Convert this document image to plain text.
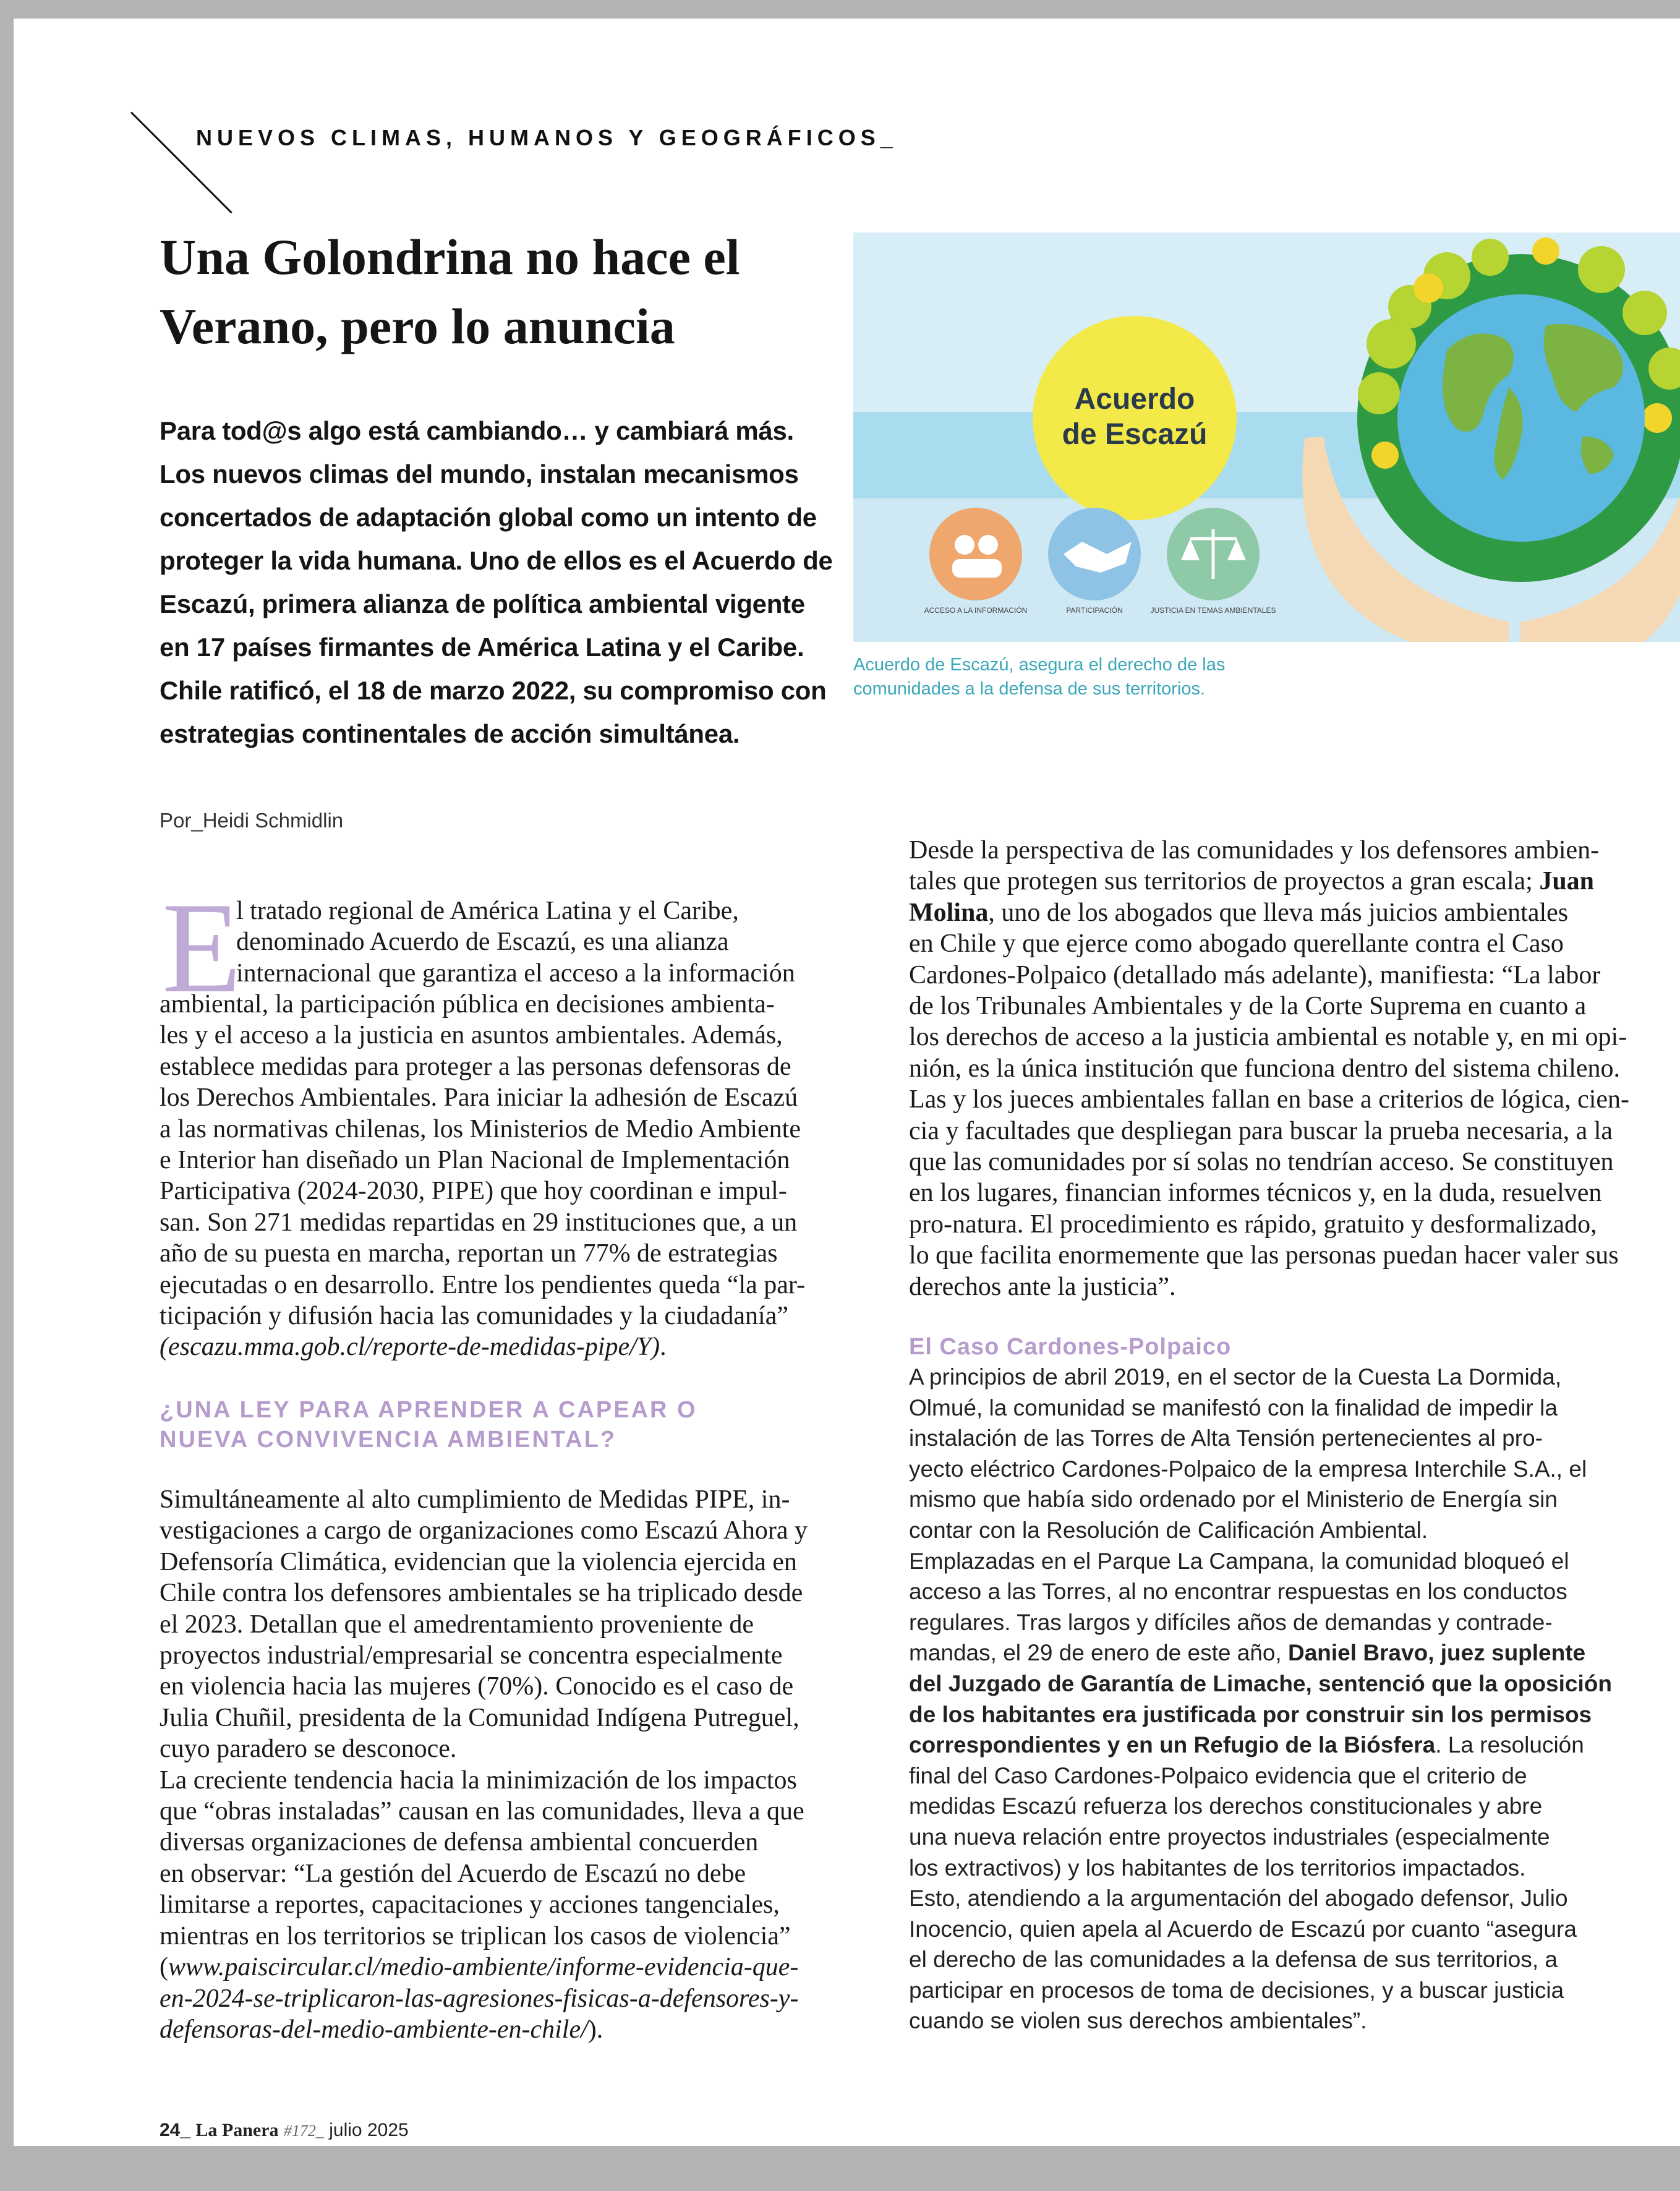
NUEVOS CLIMAS, HUMANOS Y GEOGRÁFICOS_
Una Golondrina no hace el
Verano, pero lo anuncia
Para tod@s algo está cambiando… y cambiará más.
Los nuevos climas del mundo, instalan mecanismos
concertados de adaptación global como un intento de
proteger la vida humana. Uno de ellos es el Acuerdo de
Escazú, primera alianza de política ambiental vigente
en 17 países firmantes de América Latina y el Caribe.
Chile ratificó, el 18 de marzo 2022, su compromiso con
estrategias continentales de acción simultánea.
Por_Heidi Schmidlin
Acuerdo
de Escazú
ACCESO A LA INFORMACIÓN	PARTICIPACIÓN	JUSTICIA EN TEMAS AMBIENTALES
Acuerdo de Escazú, asegura el derecho de las
comunidades a la defensa de sus territorios.
E
l tratado regional de América Latina y el Caribe,
denominado Acuerdo de Escazú, es una alianza
internacional que garantiza el acceso a la información
ambiental, la participación pública en decisiones ambienta-
les y el acceso a la justicia en asuntos ambientales. Además,
establece medidas para proteger a las personas defensoras de
los Derechos Ambientales. Para iniciar la adhesión de Escazú
a las normativas chilenas, los Ministerios de Medio Ambiente
e Interior han diseñado un Plan Nacional de Implementación
Participativa (2024-2030, PIPE) que hoy coordinan e impul-
san. Son 271 medidas repartidas en 29 instituciones que, a un
año de su puesta en marcha, reportan un 77% de estrategias
ejecutadas o en desarrollo. Entre los pendientes queda “la par-
ticipación y difusión hacia las comunidades y la ciudadanía”
(escazu.mma.gob.cl/reporte-de-medidas-pipe/Y).
¿UNA LEY PARA APRENDER A CAPEAR O
NUEVA CONVIVENCIA AMBIENTAL?
Simultáneamente al alto cumplimiento de Medidas PIPE, in-
vestigaciones a cargo de organizaciones como Escazú Ahora y
Defensoría Climática, evidencian que la violencia ejercida en
Chile contra los defensores ambientales se ha triplicado desde
el 2023. Detallan que el amedrentamiento proveniente de
proyectos industrial/empresarial se concentra especialmente
en violencia hacia las mujeres (70%). Conocido es el caso de
Julia Chuñil, presidenta de la Comunidad Indígena Putreguel,
cuyo paradero se desconoce.
La creciente tendencia hacia la minimización de los impactos
que “obras instaladas” causan en las comunidades, lleva a que
diversas organizaciones de defensa ambiental concuerden
en observar: “La gestión del Acuerdo de Escazú no debe
limitarse a reportes, capacitaciones y acciones tangenciales,
mientras en los territorios se triplican los casos de violencia”
(www.paiscircular.cl/medio-ambiente/informe-evidencia-que-
en-2024-se-triplicaron-las-agresiones-fisicas-a-defensores-y-
defensoras-del-medio-ambiente-en-chile/).
Desde la perspectiva de las comunidades y los defensores ambien-
tales que protegen sus territorios de proyectos a gran escala; Juan
Molina, uno de los abogados que lleva más juicios ambientales
en Chile y que ejerce como abogado querellante contra el Caso
Cardones-Polpaico (detallado más adelante), manifiesta: “La labor
de los Tribunales Ambientales y de la Corte Suprema en cuanto a
los derechos de acceso a la justicia ambiental es notable y, en mi opi-
nión, es la única institución que funciona dentro del sistema chileno.
Las y los jueces ambientales fallan en base a criterios de lógica, cien-
cia y facultades que despliegan para buscar la prueba necesaria, a la
que las comunidades por sí solas no tendrían acceso. Se constituyen
en los lugares, financian informes técnicos y, en la duda, resuelven
pro-natura. El procedimiento es rápido, gratuito y desformalizado,
lo que facilita enormemente que las personas puedan hacer valer sus
derechos ante la justicia”.
El Caso Cardones-Polpaico
A principios de abril 2019, en el sector de la Cuesta La Dormida,
Olmué, la comunidad se manifestó con la finalidad de impedir la
instalación de las Torres de Alta Tensión pertenecientes al pro-
yecto eléctrico Cardones-Polpaico de la empresa Interchile S.A., el
mismo que había sido ordenado por el Ministerio de Energía sin
contar con la Resolución de Calificación Ambiental.
Emplazadas en el Parque La Campana, la comunidad bloqueó el
acceso a las Torres, al no encontrar respuestas en los conductos
regulares. Tras largos y difíciles años de demandas y contrade-
mandas, el 29 de enero de este año, Daniel Bravo, juez suplente
del Juzgado de Garantía de Limache, sentenció que la oposición
de los habitantes era justificada por construir sin los permisos
correspondientes y en un Refugio de la Biósfera. La resolución
final del Caso Cardones-Polpaico evidencia que el criterio de
medidas Escazú refuerza los derechos constitucionales y abre
una nueva relación entre proyectos industriales (especialmente
los extractivos) y los habitantes de los territorios impactados.
Esto, atendiendo a la argumentación del abogado defensor, Julio
Inocencio, quien apela al Acuerdo de Escazú por cuanto “asegura
el derecho de las comunidades a la defensa de sus territorios, a
participar en procesos de toma de decisiones, y a buscar justicia
cuando se violen sus derechos ambientales”.
24_ La Panera #172_ julio 2025
